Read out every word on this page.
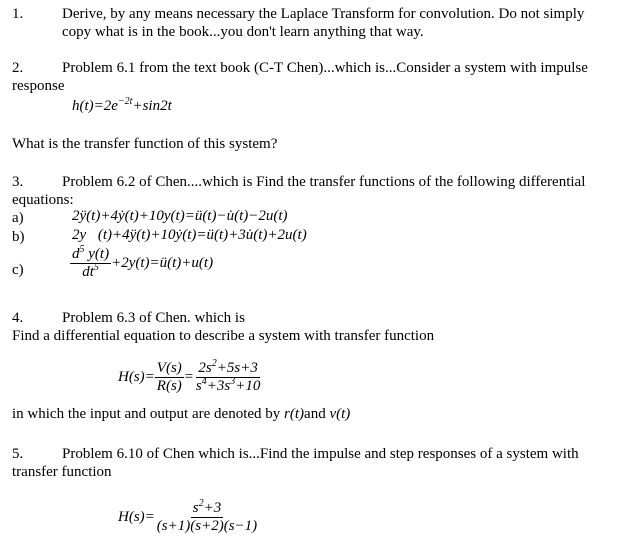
1.	Derive, by any means necessary the Laplace Transform for convolution. Do not simply
copy what is in the book...you don't learn anything that way.
2.	Problem 6.1 from the text book (C-T Chen)...which is...Consider a system with impulse
response
$h(t)=2e^{-2t}+\sin 2t$
What is the transfer function of this system?
3.	Problem 6.2 of Chen....which is Find the transfer functions of the following differential
equations:
a)	2ÿ(t)+4ẏ(t)+10y(t)=ü(t)−u̇(t)−2u(t)
b)	2y⃛(t)+4ÿ(t)+10ẏ(t)=ü(t)+3u̇(t)+2u(t)
c)	$\frac{d^5 y(t)}{dt^5}$ +2y(t)=ü(t)+u(t)
4.	Problem 6.3 of Chen. which is
Find a differential equation to describe a system with transfer function
$H(s)= \frac{V(s)}{R(s)} = \frac{2s^2+5s+3}{s^4+3s^3+10}$
in which the input and output are denoted by r(t)and v(t)
5.	Problem 6.10 of Chen which is...Find the impulse and step responses of a system with
transfer function
$H(s)= \frac{s^2+3}{(s+1)(s+2)(s-1)}$
